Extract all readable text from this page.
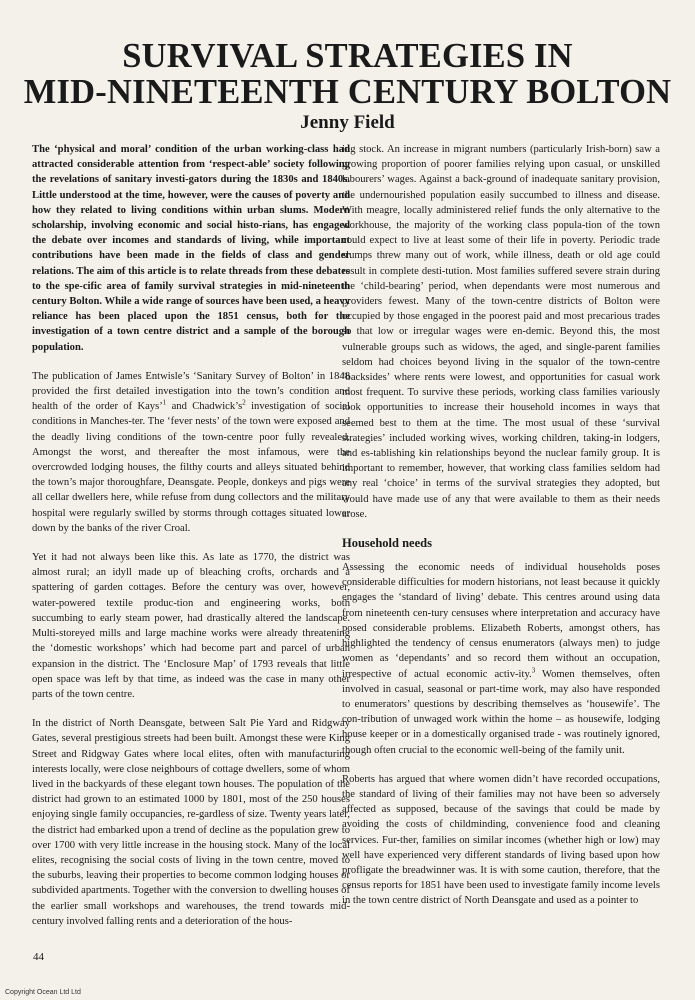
SURVIVAL STRATEGIES IN
MID-NINETEENTH CENTURY BOLTON
Jenny Field

The ‘physical and moral’ condition of the urban working-class had attracted considerable attention from ‘respect-able’ society following the revelations of sanitary investi-gators during the 1830s and 1840s. Little understood at the time, however, were the causes of poverty and how they related to living conditions within urban slums. Modern scholarship, involving economic and social histo-rians, has engaged the debate over incomes and standards of living, while important contributions have been made in the fields of class and gender relations. The aim of this article is to relate threads from these debates to the spe-cific area of family survival strategies in mid-nineteenth century Bolton. While a wide range of sources have been used, a heavy reliance has been placed upon the 1851 census, both for the investigation of a town centre district and a sample of the borough population.

The publication of James Entwisle’s ‘Sanitary Survey of Bolton’ in 1848 provided the first detailed investigation into the town’s condition and health of the order of Kays’$^1$ and $Chadwick’s^2$ investigation of social conditions in Manches-ter. The ‘fever nests’ of the town were exposed and the deadly living conditions of the town-centre poor fully revealed. Amongst the worst, and thereafter the most infamous, were the overcrowded lodging houses, the filthy courts and alleys situated behind the town’s major thoroughfare, Deansgate. People, donkeys and pigs were all cellar dwellers here, while refuse from dung collectors and the military hospital were regularly swilled by storms through cottages situated lower down by the banks of the river Croal.

Yet it had not always been like this. As late as 1770, the district was almost rural; an idyll made up of bleaching crofts, orchards and a spattering of garden cottages. Before the century was over, however, water-powered textile produc-tion and engineering works, both succumbing to early steam power, had drastically altered the landscape. Multi-storeyed mills and large machine works were already threatening the ‘domestic workshops’ which had become part and parcel of urban expansion in the district. The ‘Enclosure Map’ of 1793 reveals that little open space was left by that time, as indeed was the case in many other parts of the town centre.

In the district of North Deansgate, between Salt Pie Yard and Ridgway Gates, several prestigious streets had been built. Amongst these were King Street and Ridgway Gates where local elites, often with manufacturing interests locally, were close neighbours of cottage dwellers, some of whom lived in the backyards of these elegant town houses. The population of the district had grown to an estimated 1000 by 1801, most of the 250 houses enjoying single family occupancies, re-gardless of size. Twenty years later, the district had embarked upon a trend of decline as the population grew to over 1700 with very little increase in the housing stock. Many of the local elites, recognising the social costs of living in the town centre, moved to the suburbs, leaving their properties to become common lodging houses or subdivided apartments. Together with the conversion to dwelling houses of the earlier small workshops and warehouses, the trend towards mid-century involved falling rents and a deterioration of the hous-

ing stock. An increase in migrant numbers (particularly Irish-born) saw a growing proportion of poorer families relying upon casual, or unskilled labourers’ wages. Against a back-ground of inadequate sanitary provision, the undernourished population easily succumbed to illness and disease. With meagre, locally administered relief funds the only alternative to the workhouse, the majority of the working class popula-tion of the town could expect to live at least some of their life in poverty. Periodic trade slumps threw many out of work, while illness, death or old age could result in complete desti-tution. Most families suffered severe strain during the ‘child-bearing’ period, when dependants were most numerous and providers fewest. Many of the town-centre districts of Bolton were occupied by those engaged in the poorest paid and most precarious trades so that low or irregular wages were en-demic. Beyond this, the most vulnerable groups such as widows, the aged, and single-parent families seldom had choices beyond living in the squalor of the town-centre ‘backsides’ where rents were lowest, and opportunities for casual work most frequent. To survive these periods, working class families variously took opportunities to increase their household incomes in ways that seemed best to them at the time. The most usual of these ‘survival strategies’ included working wives, working children, taking-in lodgers, and es-tablishing kin relationships beyond the nuclear family group. It is important to remember, however, that working class families seldom had any real ‘choice’ in terms of the survival strategies they adopted, but would have made use of any that were available to them as their needs arose.

Household needs

Assessing the economic needs of individual households poses considerable difficulties for modern historians, not least because it quickly engages the ‘standard of living’ debate. This centres around using data from nineteenth cen-tury censuses where interpretation and accuracy have posed considerable problems. Elizabeth Roberts, amongst others, has highlighted the tendency of census enumerators (always men) to judge women as ‘dependants’ and so record them without an occupation, irrespective of actual economic activ-ity.$^3$ Women themselves, often involved in casual, seasonal or part-time work, may also have responded to enumerators’ questions by describing themselves as ‘housewife’. The con-tribution of unwaged work within the home – as housewife, lodging house keeper or in a domestically organised trade - was routinely ignored, though often crucial to the economic well-being of the family unit.

Roberts has argued that where women didn’t have recorded occupations, the standard of living of their families may not have been so adversely affected as supposed, because of the savings that could be made by avoiding the costs of childminding, convenience food and cleaning services. Fur-ther, families on similar incomes (whether high or low) may well have experienced very different standards of living based upon how profligate the breadwinner was. It is with some caution, therefore, that the census reports for 1851 have been used to investigate family income levels in the town centre district of North Deansgate and used as a pointer to

44
Copyright Ocean Ltd Ltd
